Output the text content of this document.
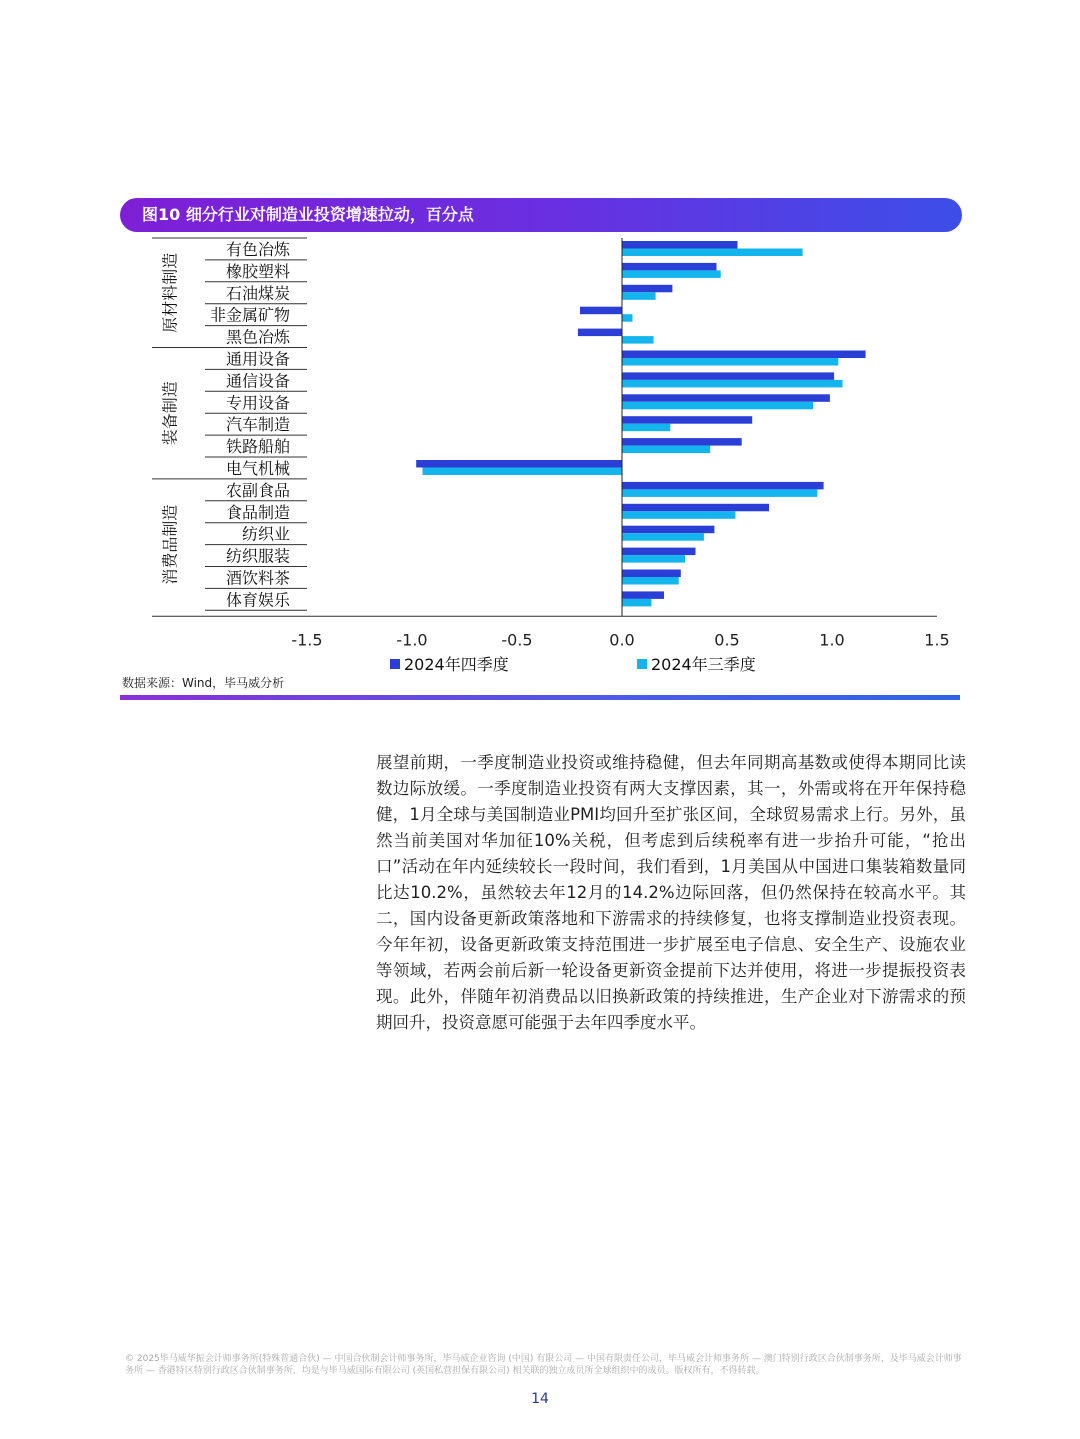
图10 细分行业对制造业投资增速拉动，百分点
-1.5	-1.0	-0.5	0.0	0.5	1.0	1.5
有色冶炼
橡胶塑料
石油煤炭
非金属矿物
黑色冶炼
通用设备
通信设备
专用设备
汽车制造
铁路船舶
电气机械
农副食品
食品制造
纺织业
纺织服装
酒饮料茶
体育娱乐
原材料制造
装备制造
消费品制造
2024年四季度	2024年三季度
数据来源：Wind，毕马威分析

展望前期，一季度制造业投资或维持稳健，但去年同期高基数或使得本期同比读数边际放缓。一季度制造业投资有两大支撑因素，其一，外需或将在开年保持稳健，1月全球与美国制造业PMI均回升至扩张区间，全球贸易需求上行。另外，虽然当前美国对华加征10%关税，但考虑到后续税率有进一步抬升可能，“抢出口”活动在年内延续较长一段时间，我们看到，1月美国从中国进口集装箱数量同比达10.2%，虽然较去年12月的14.2%边际回落，但仍然保持在较高水平。其二，国内设备更新政策落地和下游需求的持续修复，也将支撑制造业投资表现。今年年初，设备更新政策支持范围进一步扩展至电子信息、安全生产、设施农业等领域，若两会前后新一轮设备更新资金提前下达并使用，将进一步提振投资表现。此外，伴随年初消费品以旧换新政策的持续推进，生产企业对下游需求的预期回升，投资意愿可能强于去年四季度水平。

© 2025毕马威华振会计师事务所(特殊普通合伙) — 中国合伙制会计师事务所，毕马威企业咨询 (中国) 有限公司 — 中国有限责任公司，毕马威会计师事务所 — 澳门特别行政区合伙制事务所，及毕马威会计师事务所 — 香港特区特别行政区合伙制事务所，均是与毕马威国际有限公司 (英国私营担保有限公司) 相关联的独立成员所全球组织中的成员。版权所有，不得转载。

14
